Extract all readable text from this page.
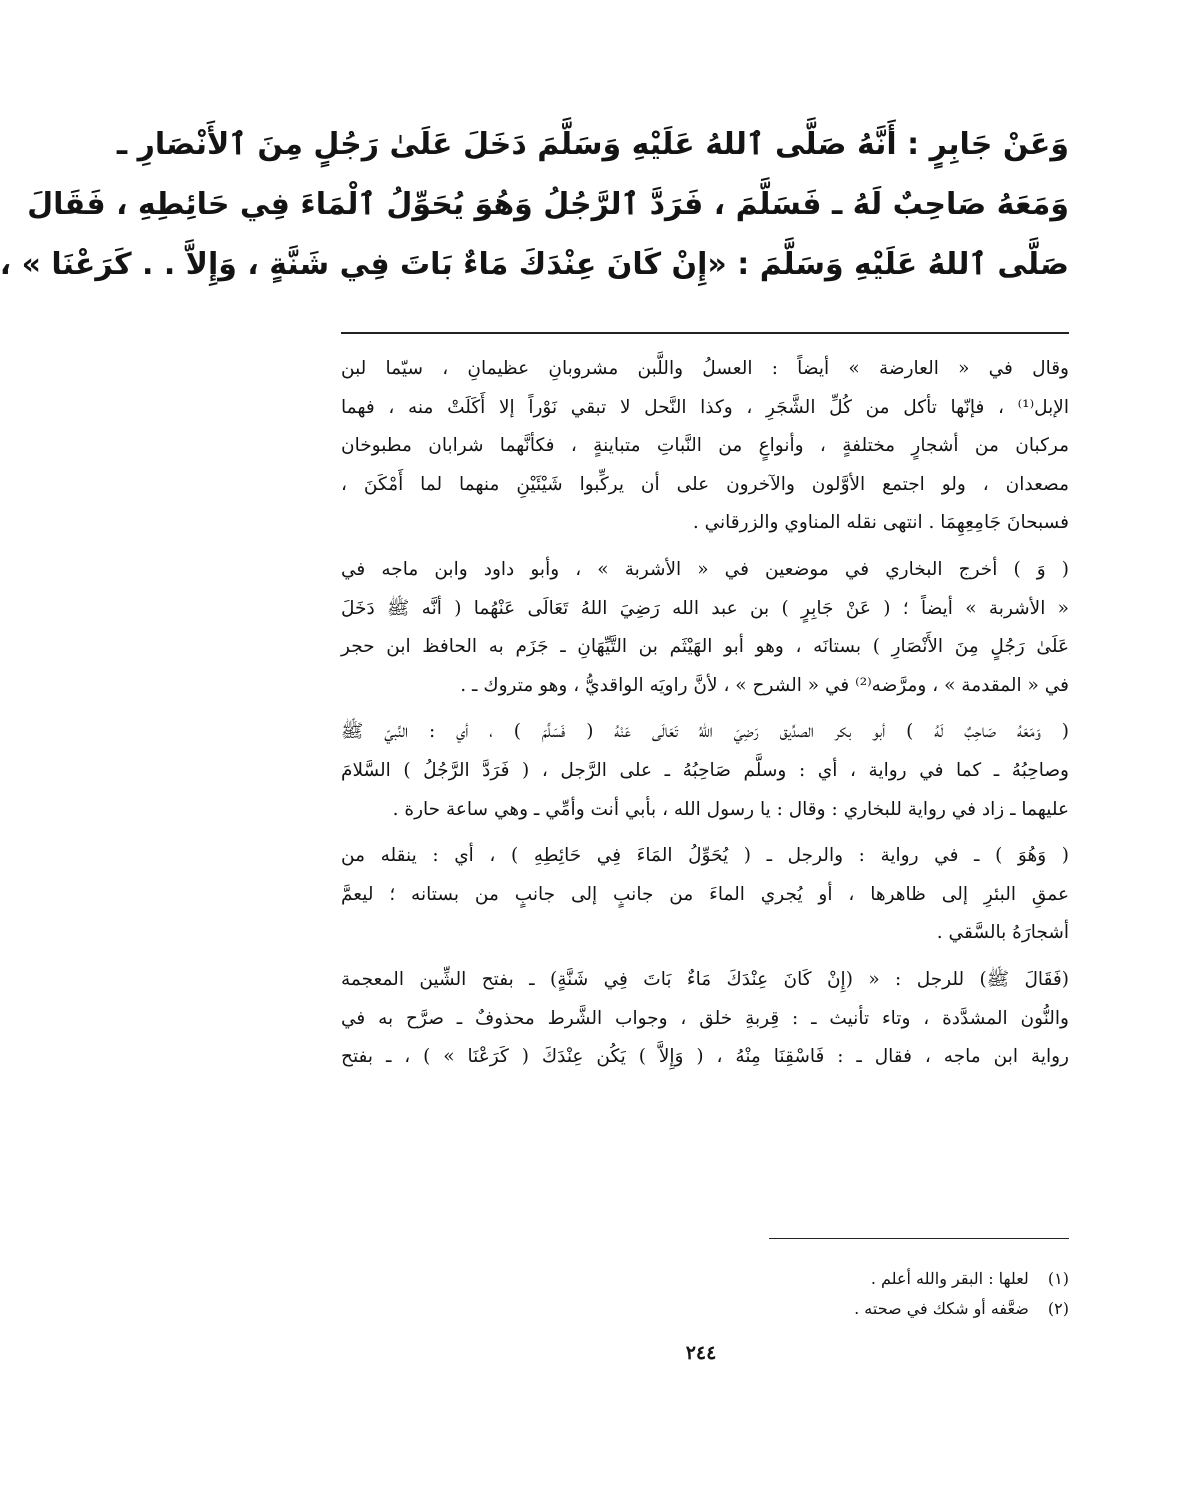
وَعَنْ جَابِرٍ : أَنَّهُ صَلَّى ٱللهُ عَلَيْهِ وَسَلَّمَ دَخَلَ عَلَىٰ رَجُلٍ مِنَ ٱلأَنْصَارِ ـ
وَمَعَهُ صَاحِبٌ لَهُ ـ فَسَلَّمَ ، فَرَدَّ ٱلرَّجُلُ وَهُوَ يُحَوِّلُ ٱلْمَاءَ فِي حَائِطِهِ ، فَقَالَ
صَلَّى ٱللهُ عَلَيْهِ وَسَلَّمَ : «إِنْ كَانَ عِنْدَكَ مَاءٌ بَاتَ فِي شَنَّةٍ ، وَإِلاَّ . . كَرَعْنَا » ،
وقال في « العارضة » أيضاً : العسلُ واللَّبن مشروبانِ عظيمانِ ، سيّما لبن
الإبل⁽¹⁾ ، فإنّها تأكل من كُلِّ الشَّجَرِ ، وكذا النَّحل لا تبقي نَوْراً إلا أَكَلَتْ منه ، فهما
مركبان من أشجارٍ مختلفةٍ ، وأنواعٍ من النَّباتِ متباينةٍ ، فكأنَّهما شرابان مطبوخان
مصعدان ، ولو اجتمع الأوَّلون والآخرون على أن يركِّبوا شَيْئَيْنِ منهما لما أَمْكَنَ ،
فسبحانَ جَامِعِهِمَا . انتهى نقله المناوي والزرقاني .
( وَ ) أخرج البخاري في موضعين في « الأشربة » ، وأبو داود وابن ماجه في
« الأشربة » أيضاً ؛ ( عَنْ جَابِرٍ ) بن عبد الله رَضِيَ اللهُ تَعَالَى عَنْهُما ( أنَّه ﷺ دَخَلَ
عَلَىٰ رَجُلٍ مِنَ الأَنْصَارِ ) بستانَه ، وهو أبو الهَيْثَم بن التَّيِّهَانِ ـ جَزَم به الحافظ ابن حجر
في « المقدمة » ، ومرَّضه⁽²⁾ في « الشرح » ، لأنَّ راويَه الواقديُّ ، وهو متروك ـ .
( وَمَعَهُ صَاحِبٌ لَهُ ) أبو بكر الصدِّيق رَضِيَ اللهُ تَعَالَى عَنْهُ ( فَسَلَّمَ ) ، أي : النَّبيّ ﷺ
وصاحِبُهُ ـ كما في رواية ، أي : وسلَّم صَاحِبُهُ ـ على الرَّجل ، ( فَرَدَّ الرَّجُلُ ) السَّلامَ
عليهما ـ زاد في رواية للبخاري : وقال : يا رسول الله ، بأبي أنت وأمِّي ـ وهي ساعة حارة .
( وَهُوَ ) ـ في رواية : والرجل ـ ( يُحَوِّلُ المَاءَ فِي حَائِطِهِ ) ، أي : ينقله من
عمقِ البئرِ إلى ظاهرها ، أو يُجري الماءَ من جانبٍ إلى جانبٍ من بستانه ؛ ليعمَّ
أشجارَهُ بالسَّقي .
(فَقَالَ ﷺ) للرجل : « (إِنْ كَانَ عِنْدَكَ مَاءٌ بَاتَ فِي شَنَّةٍ) ـ بفتح الشِّين المعجمة
والنُّون المشدَّدة ، وتاء تأنيث ـ : قِربةِ خلق ، وجواب الشَّرط محذوفٌ ـ صرَّح به في
رواية ابن ماجه ، فقال ـ : فَاسْقِنَا مِنْهُ ، ( وَإِلاَّ ) يَكُن عِنْدَكَ ( كَرَعْنَا » ) ، ـ بفتح
(١) لعلها : البقر والله أعلم .
(٢) ضعَّفه أو شكك في صحته .
٢٤٤
